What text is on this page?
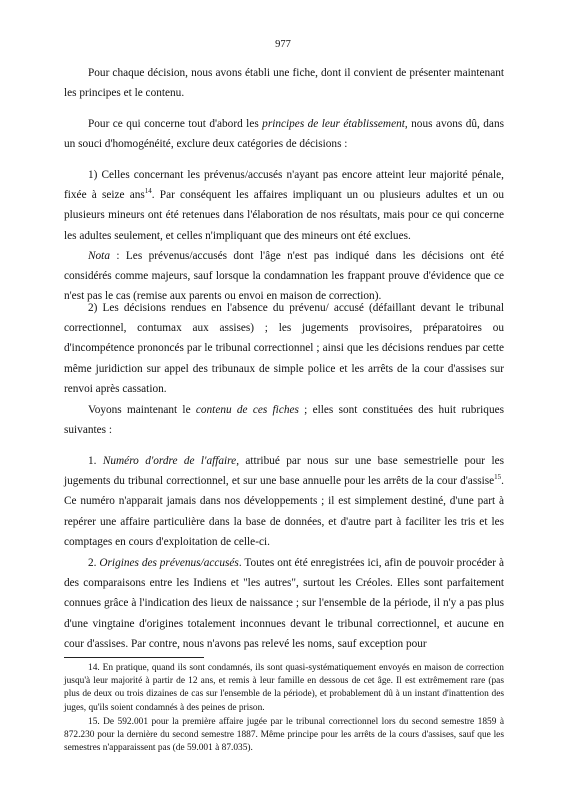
977

Pour chaque décision, nous avons établi une fiche, dont il convient de présenter maintenant les principes et le contenu.

Pour ce qui concerne tout d'abord les principes de leur établissement, nous avons dû, dans un souci d'homogénéité, exclure deux catégories de décisions :

1) Celles concernant les prévenus/accusés n'ayant pas encore atteint leur majorité pénale, fixée à seize ans$^{14}$. Par conséquent les affaires impliquant un ou plusieurs adultes et un ou plusieurs mineurs ont été retenues dans l'élaboration de nos résultats, mais pour ce qui concerne les adultes seulement, et celles n'impliquant que des mineurs ont été exclues.

Nota : Les prévenus/accusés dont l'âge n'est pas indiqué dans les décisions ont été considérés comme majeurs, sauf lorsque la condamnation les frappant prouve d'évidence que ce n'est pas le cas (remise aux parents ou envoi en maison de correction).

2) Les décisions rendues en l'absence du prévenu/ accusé (défaillant devant le tribunal correctionnel, contumax aux assises) ; les jugements provisoires, préparatoires ou d'incompétence prononcés par le tribunal correctionnel ; ainsi que les décisions rendues par cette même juridiction sur appel des tribunaux de simple police et les arrêts de la cour d'assises sur renvoi après cassation.

Voyons maintenant le contenu de ces fiches ; elles sont constituées des huit rubriques suivantes :

1. Numéro d'ordre de l'affaire, attribué par nous sur une base semestrielle pour les jugements du tribunal correctionnel, et sur une base annuelle pour les arrêts de la cour d'assise$^{15}$. Ce numéro n'apparait jamais dans nos développements ; il est simplement destiné, d'une part à repérer une affaire particulière dans la base de données, et d'autre part à faciliter les tris et les comptages en cours d'exploitation de celle-ci.

2. Origines des prévenus/accusés. Toutes ont été enregistrées ici, afin de pouvoir procéder à des comparaisons entre les Indiens et "les autres", surtout les Créoles. Elles sont parfaitement connues grâce à l'indication des lieux de naissance ; sur l'ensemble de la période, il n'y a pas plus d'une vingtaine d'origines totalement inconnues devant le tribunal correctionnel, et aucune en cour d'assises. Par contre, nous n'avons pas relevé les noms, sauf exception pour

14. En pratique, quand ils sont condamnés, ils sont quasi-systématiquement envoyés en maison de correction jusqu'à leur majorité à partir de 12 ans, et remis à leur famille en dessous de cet âge. Il est extrêmement rare (pas plus de deux ou trois dizaines de cas sur l'ensemble de la période), et probablement dû à un instant d'inattention des juges, qu'ils soient condamnés à des peines de prison.

15. De 592.001 pour la première affaire jugée par le tribunal correctionnel lors du second semestre 1859 à 872.230 pour la dernière du second semestre 1887. Même principe pour les arrêts de la cours d'assises, sauf que les semestres n'apparaissent pas (de 59.001 à 87.035).
